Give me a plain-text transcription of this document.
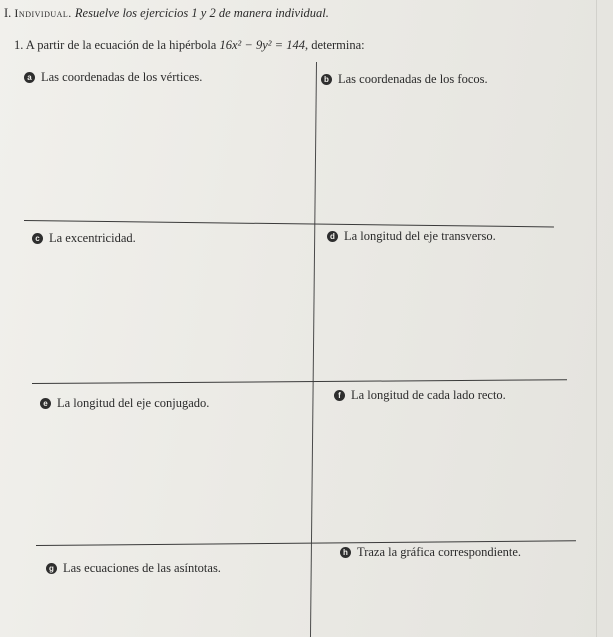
I. Individual. Resuelve los ejercicios 1 y 2 de manera individual.
1. A partir de la ecuación de la hipérbola 16x² − 9y² = 144, determina:

a Las coordenadas de los vértices.	b Las coordenadas de los focos.
c La excentricidad.	d La longitud del eje transverso.
e La longitud del eje conjugado.
f La longitud de cada lado recto.
g Las ecuaciones de las asíntotas.
h Traza la gráfica correspondiente.
